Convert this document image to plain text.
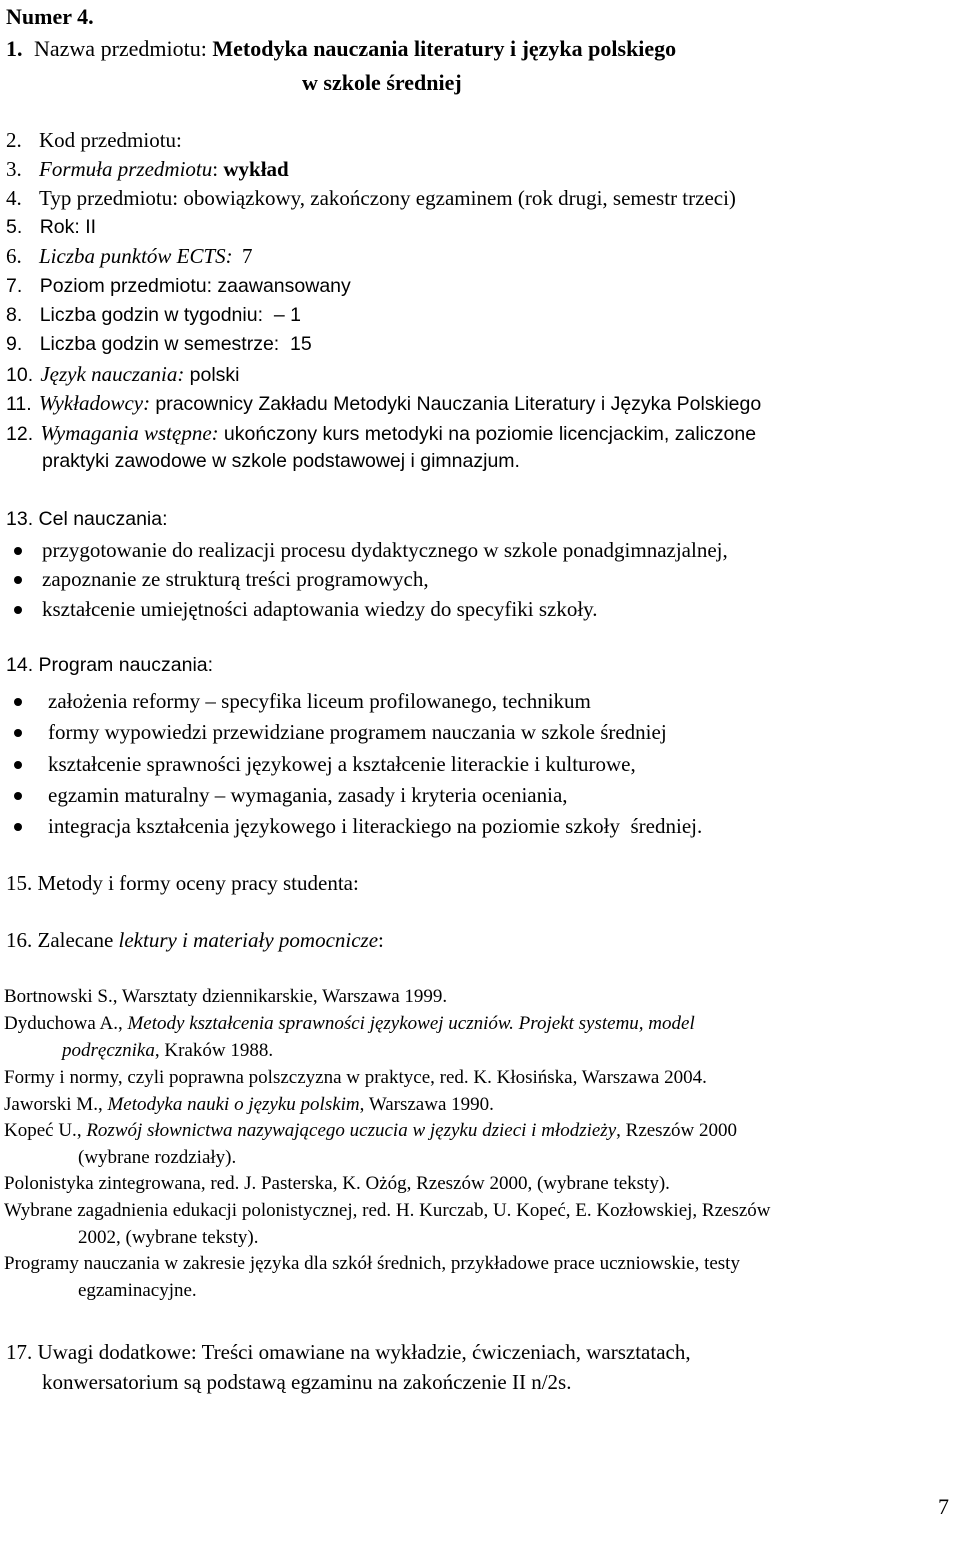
Numer 4.
1. Nazwa przedmiotu: Metodyka nauczania literatury i języka polskiego
w szkole średniej
2. Kod przedmiotu:
3. Formuła przedmiotu: wykład
4. Typ przedmiotu: obowiązkowy, zakończony egzaminem (rok drugi, semestr trzeci)
5. Rok: II
6. Liczba punktów ECTS: 7
7. Poziom przedmiotu: zaawansowany
8. Liczba godzin w tygodniu:  – 1
9. Liczba godzin w semestrze:  15
10. Język nauczania: polski
11. Wykładowcy: pracownicy Zakładu Metodyki Nauczania Literatury i Języka Polskiego
12. Wymagania wstępne: ukończony kurs metodyki na poziomie licencjackim, zaliczone
praktyki zawodowe w szkole podstawowej i gimnazjum.
13. Cel nauczania:
przygotowanie do realizacji procesu dydaktycznego w szkole ponadgimnazjalnej,
zapoznanie ze strukturą treści programowych,
kształcenie umiejętności adaptowania wiedzy do specyfiki szkoły.
14. Program nauczania:
założenia reformy – specyfika liceum profilowanego, technikum
formy wypowiedzi przewidziane programem nauczania w szkole średniej
kształcenie sprawności językowej a kształcenie literackie i kulturowe,
egzamin maturalny – wymagania, zasady i kryteria oceniania,
integracja kształcenia językowego i literackiego na poziomie szkoły  średniej.
15. Metody i formy oceny pracy studenta:
16. Zalecane lektury i materiały pomocnicze:
Bortnowski S., Warsztaty dziennikarskie, Warszawa 1999.
Dyduchowa A., Metody kształcenia sprawności językowej uczniów. Projekt systemu, model
podręcznika, Kraków 1988.
Formy i normy, czyli poprawna polszczyzna w praktyce, red. K. Kłosińska, Warszawa 2004.
Jaworski M., Metodyka nauki o języku polskim, Warszawa 1990.
Kopeć U., Rozwój słownictwa nazywającego uczucia w języku dzieci i młodzieży, Rzeszów 2000
(wybrane rozdziały).
Polonistyka zintegrowana, red. J. Pasterska, K. Ożóg, Rzeszów 2000, (wybrane teksty).
Wybrane zagadnienia edukacji polonistycznej, red. H. Kurczab, U. Kopeć, E. Kozłowskiej, Rzeszów
2002, (wybrane teksty).
Programy nauczania w zakresie języka dla szkół średnich, przykładowe prace uczniowskie, testy
egzaminacyjne.
17. Uwagi dodatkowe: Treści omawiane na wykładzie, ćwiczeniach, warsztatach,
konwersatorium są podstawą egzaminu na zakończenie II n/2s.
7
